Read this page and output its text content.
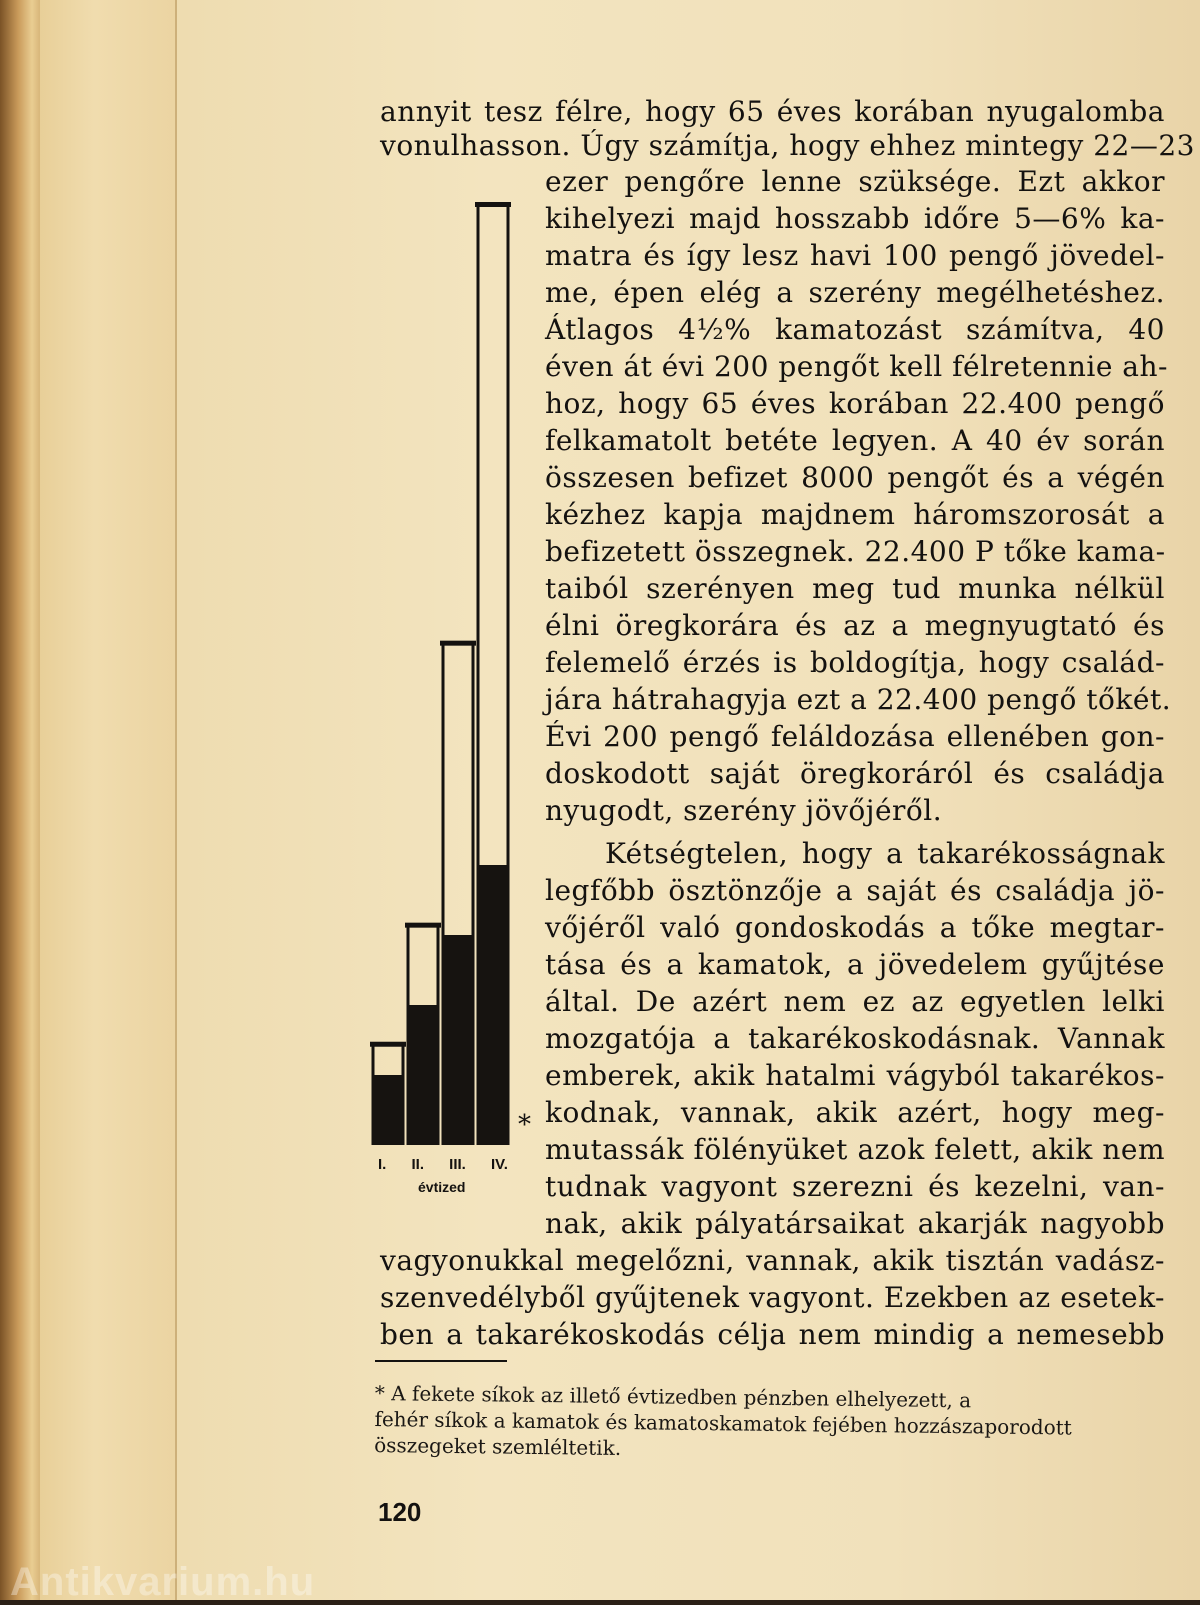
I. II. III. IV.
évtized
*
annyit tesz félre, hogy 65 éves korában nyugalomba
vonulhasson. Úgy számítja, hogy ehhez mintegy 22—23
ezer pengőre lenne szüksége. Ezt akkor
kihelyezi majd hosszabb időre 5—6% ka-
matra és így lesz havi 100 pengő jövedel-
me, épen elég a szerény megélhetéshez.
Átlagos 4½% kamatozást számítva, 40
éven át évi 200 pengőt kell félretennie ah-
hoz, hogy 65 éves korában 22.400 pengő
felkamatolt betéte legyen. A 40 év során
összesen befizet 8000 pengőt és a végén
kézhez kapja majdnem háromszorosát a
befizetett összegnek. 22.400 P tőke kama-
taiból szerényen meg tud munka nélkül
élni öregkorára és az a megnyugtató és
felemelő érzés is boldogítja, hogy család-
jára hátrahagyja ezt a 22.400 pengő tőkét.
Évi 200 pengő feláldozása ellenében gon-
doskodott saját öregkoráról és családja
nyugodt, szerény jövőjéről.
Kétségtelen, hogy a takarékosságnak
legfőbb ösztönzője a saját és családja jö-
vőjéről való gondoskodás a tőke megtar-
tása és a kamatok, a jövedelem gyűjtése
által. De azért nem ez az egyetlen lelki
mozgatója a takarékoskodásnak. Vannak
emberek, akik hatalmi vágyból takarékos-
kodnak, vannak, akik azért, hogy meg-
mutassák fölényüket azok felett, akik nem
tudnak vagyont szerezni és kezelni, van-
nak, akik pályatársaikat akarják nagyobb
vagyonukkal megelőzni, vannak, akik tisztán vadász-
szenvedélyből gyűjtenek vagyont. Ezekben az esetek-
ben a takarékoskodás célja nem mindig a nemesebb
* A fekete síkok az illető évtizedben pénzben elhelyezett, a
fehér síkok a kamatok és kamatoskamatok fejében hozzászaporodott
összegeket szemléltetik.
120
Antikvarium.hu
